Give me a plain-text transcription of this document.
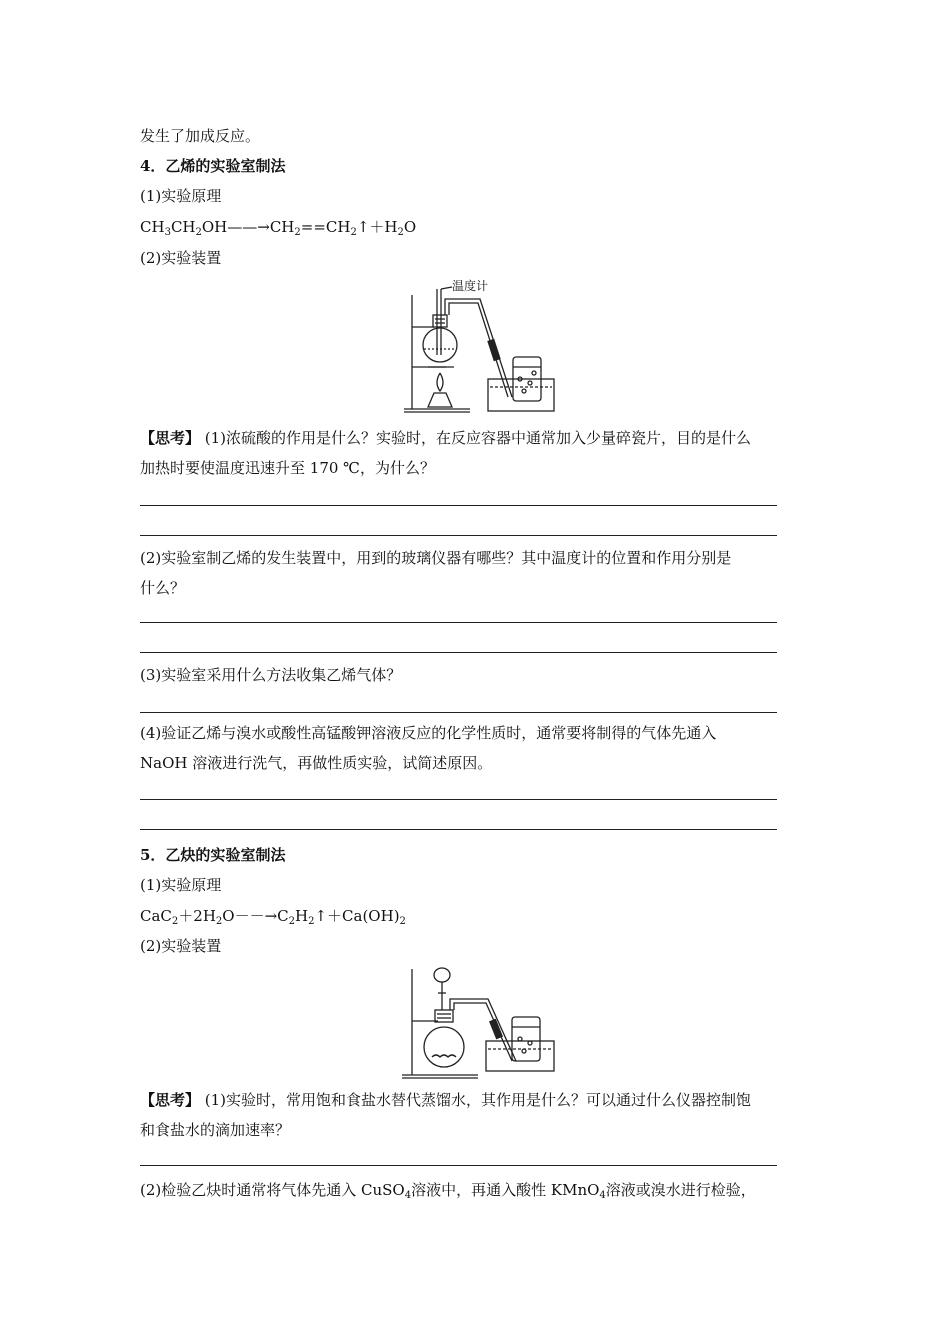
发生了加成反应。
4．乙烯的实验室制法
(1)实验原理
$CH_3CH_2OH——\to CH_2==CH_2↑+H_2O$
(2)实验装置
温度计
【思考】 (1)浓硫酸的作用是什么？实验时，在反应容器中通常加入少量碎瓷片，目的是什么
加热时要使温度迅速升至 170 ℃，为什么？
(2)实验室制乙烯的发生装置中，用到的玻璃仪器有哪些？其中温度计的位置和作用分别是
什么？
(3)实验室采用什么方法收集乙烯气体？
(4)验证乙烯与溴水或酸性高锰酸钾溶液反应的化学性质时，通常要将制得的气体先通入
NaOH 溶液进行洗气，再做性质实验，试简述原因。
5．乙炔的实验室制法
(1)实验原理
$CaC_2+2H_2O--\to C_2H_2↑+Ca(OH)_2$
(2)实验装置
【思考】 (1)实验时，常用饱和食盐水替代蒸馏水，其作用是什么？可以通过什么仪器控制饱
和食盐水的滴加速率？
(2)检验乙炔时通常将气体先通入 CuSO$_4$溶液中，再通入酸性 KMnO$_4$溶液或溴水进行检验，
